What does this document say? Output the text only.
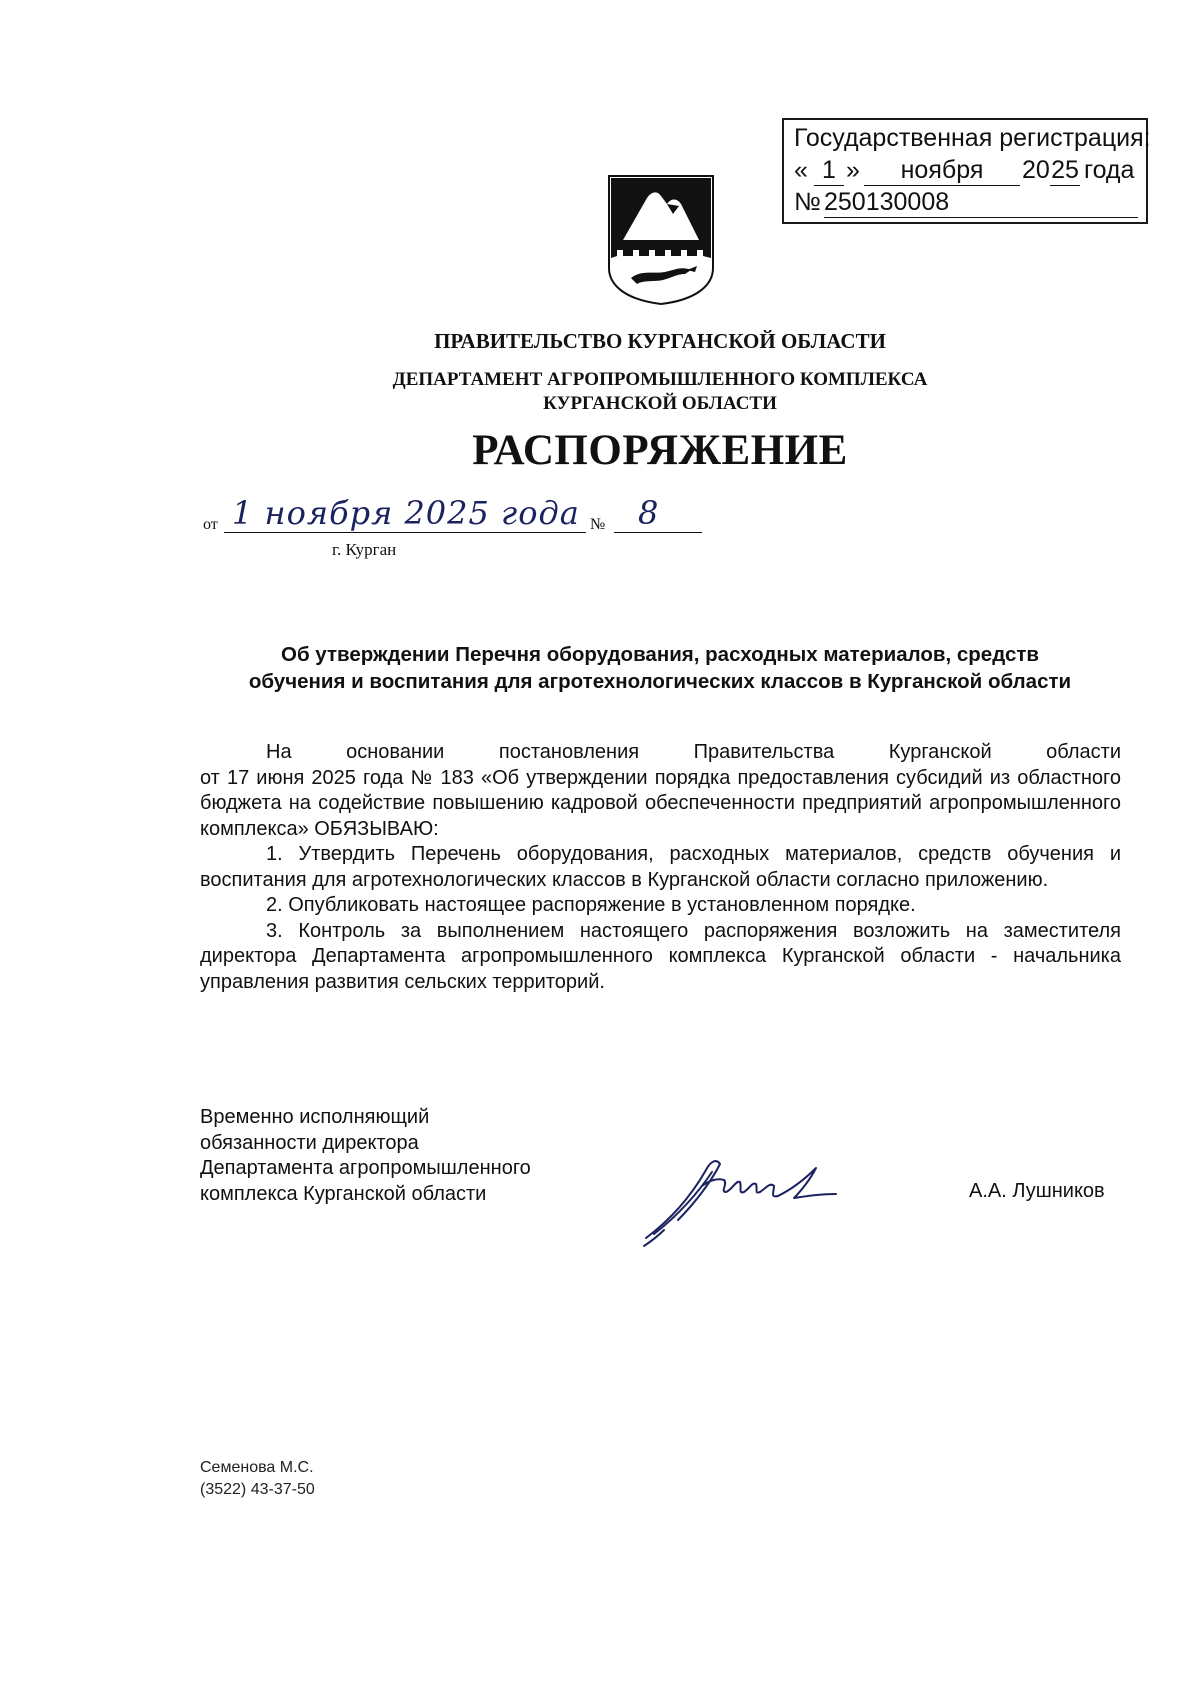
Государственная регистрация:
« 1 »	ноября	20 25 года
№ 250130008
ПРАВИТЕЛЬСТВО КУРГАНСКОЙ ОБЛАСТИ
ДЕПАРТАМЕНТ АГРОПРОМЫШЛЕННОГО КОМПЛЕКСА
КУРГАНСКОЙ ОБЛАСТИ
РАСПОРЯЖЕНИЕ
от 1 ноября 2025 года № 8
г. Курган
Об утверждении Перечня оборудования, расходных материалов, средств
обучения и воспитания для агротехнологических классов в Курганской области

На основании постановления Правительства Курганской области

от 17 июня 2025 года № 183 «Об утверждении порядка предоставления субсидий из областного бюджета на содействие повышению кадровой обеспеченности предприятий агропромышленного комплекса» ОБЯЗЫВАЮ:

1. Утвердить Перечень оборудования, расходных материалов, средств обучения и воспитания для агротехнологических классов в Курганской области согласно приложению.

2. Опубликовать настоящее распоряжение в установленном порядке.

3. Контроль за выполнением настоящего распоряжения возложить на заместителя директора Департамента агропромышленного комплекса Курганской области - начальника управления развития сельских территорий.

Временно исполняющий
обязанности директора
Департамента агропромышленного
комплекса Курганской области	А.А. Лушников
Семенова М.С.
(3522) 43-37-50
